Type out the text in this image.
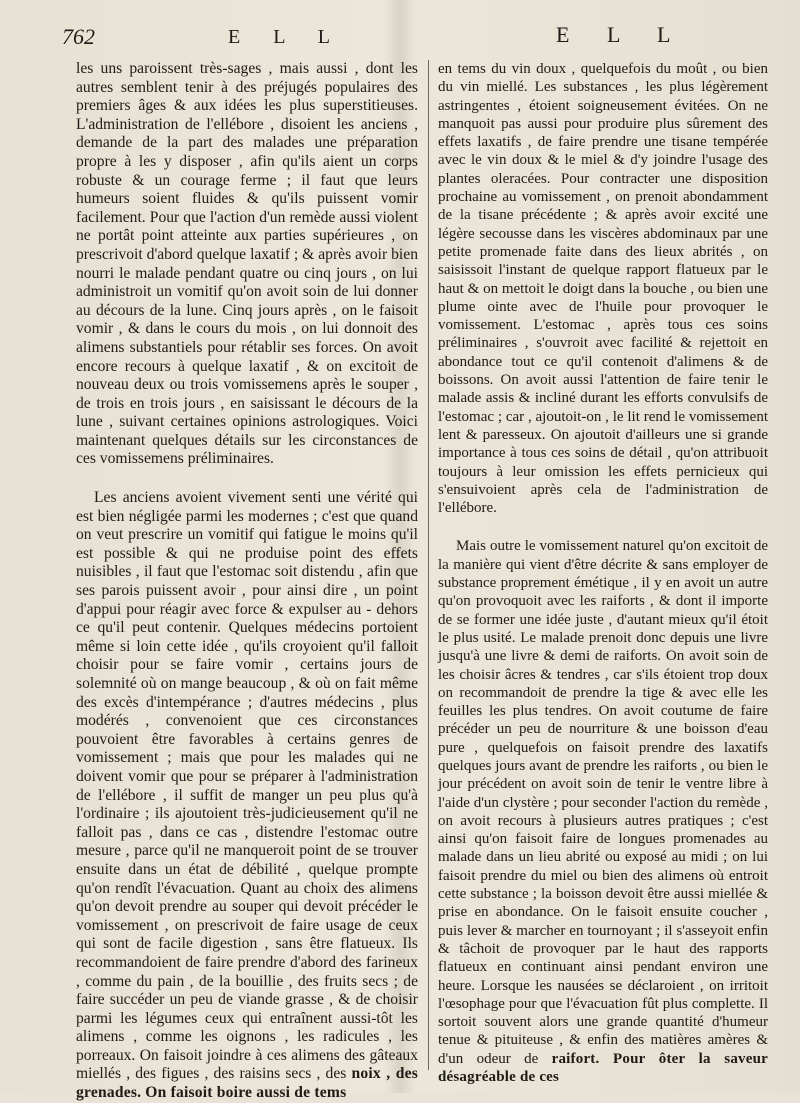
762	E L L	E L L

les uns paroissent très-sages , mais aussi , dont les autres semblent tenir à des préjugés populaires des premiers âges & aux idées les plus superstitieuses. L'administration de l'ellébore , disoient les anciens , demande de la part des malades une préparation propre à les y disposer , afin qu'ils aient un corps robuste & un courage ferme ; il faut que leurs humeurs soient fluides & qu'ils puissent vomir facilement. Pour que l'action d'un remède aussi violent ne portât point atteinte aux parties supérieures , on prescrivoit d'abord quelque laxatif ; & après avoir bien nourri le malade pendant quatre ou cinq jours , on lui administroit un vomitif qu'on avoit soin de lui donner au décours de la lune. Cinq jours après , on le faisoit vomir , & dans le cours du mois , on lui donnoit des alimens substantiels pour rétablir ses forces. On avoit encore recours à quelque laxatif , & on excitoit de nouveau deux ou trois vomissemens après le souper , de trois en trois jours , en saisissant le décours de la lune , suivant certaines opinions astrologiques. Voici maintenant quelques détails sur les circonstances de ces vomissemens préliminaires.

Les anciens avoient vivement senti une vérité qui est bien négligée parmi les modernes ; c'est que quand on veut prescrire un vomitif qui fatigue le moins qu'il est possible & qui ne produise point des effets nuisibles , il faut que l'estomac soit distendu , afin que ses parois puissent avoir , pour ainsi dire , un point d'appui pour réagir avec force & expulser au - dehors ce qu'il peut contenir. Quelques médecins portoient même si loin cette idée , qu'ils croyoient qu'il falloit choisir pour se faire vomir , certains jours de solemnité où on mange beaucoup , & où on fait même des excès d'intempérance ; d'autres médecins , plus modérés , convenoient que ces circonstances pouvoient être favorables à certains genres de vomissement ; mais que pour les malades qui ne doivent vomir que pour se préparer à l'administration de l'ellébore , il suffit de manger un peu plus qu'à l'ordinaire ; ils ajoutoient très-judicieusement qu'il ne falloit pas , dans ce cas , distendre l'estomac outre mesure , parce qu'il ne manqueroit point de se trouver ensuite dans un état de débilité , quelque prompte qu'on rendît l'évacuation. Quant au choix des alimens qu'on devoit prendre au souper qui devoit précéder le vomissement , on prescrivoit de faire usage de ceux qui sont de facile digestion , sans être flatueux. Ils recommandoient de faire prendre d'abord des farineux , comme du pain , de la bouillie , des fruits secs ; de faire succéder un peu de viande grasse , & de choisir parmi les légumes ceux qui entraînent aussi-tôt les alimens , comme les oignons , les radicules , les porreaux. On faisoit joindre à ces alimens des gâteaux miellés , des figues , des raisins secs , des noix , des grenades. On faisoit boire aussi de tems

en tems du vin doux , quelquefois du moût , ou bien du vin miellé. Les substances , les plus légèrement astringentes , étoient soigneusement évitées. On ne manquoit pas aussi pour produire plus sûrement des effets laxatifs , de faire prendre une tisane tempérée avec le vin doux & le miel & d'y joindre l'usage des plantes oleracées. Pour contracter une disposition prochaine au vomissement , on prenoit abondamment de la tisane précédente ; & après avoir excité une légère secousse dans les viscères abdominaux par une petite promenade faite dans des lieux abrités , on saisissoit l'instant de quelque rapport flatueux par le haut & on mettoit le doigt dans la bouche , ou bien une plume ointe avec de l'huile pour provoquer le vomissement. L'estomac , après tous ces soins préliminaires , s'ouvroit avec facilité & rejettoit en abondance tout ce qu'il contenoit d'alimens & de boissons. On avoit aussi l'attention de faire tenir le malade assis & incliné durant les efforts convulsifs de l'estomac ; car , ajoutoit-on , le lit rend le vomissement lent & paresseux. On ajoutoit d'ailleurs une si grande importance à tous ces soins de détail , qu'on attribuoit toujours à leur omission les effets pernicieux qui s'ensuivoient après cela de l'administration de l'ellébore.

Mais outre le vomissement naturel qu'on excitoit de la manière qui vient d'être décrite & sans employer de substance proprement émétique , il y en avoit un autre qu'on provoquoit avec les raiforts , & dont il importe de se former une idée juste , d'autant mieux qu'il étoit le plus usité. Le malade prenoit donc depuis une livre jusqu'à une livre & demi de raiforts. On avoit soin de les choisir âcres & tendres , car s'ils étoient trop doux on recommandoit de prendre la tige & avec elle les feuilles les plus tendres. On avoit coutume de faire précéder un peu de nourriture & une boisson d'eau pure , quelquefois on faisoit prendre des laxatifs quelques jours avant de prendre les raiforts , ou bien le jour précédent on avoit soin de tenir le ventre libre à l'aide d'un clystère ; pour seconder l'action du remède , on avoit recours à plusieurs autres pratiques ; c'est ainsi qu'on faisoit faire de longues promenades au malade dans un lieu abrité ou exposé au midi ; on lui faisoit prendre du miel ou bien des alimens où entroit cette substance ; la boisson devoit être aussi miellée & prise en abondance. On le faisoit ensuite coucher , puis lever & marcher en tournoyant ; il s'asseyoit enfin & tâchoit de provoquer par le haut des rapports flatueux en continuant ainsi pendant environ une heure. Lorsque les nausées se déclaroient , on irritoit l'œsophage pour que l'évacuation fût plus complette. Il sortoit souvent alors une grande quantité d'humeur tenue & pituiteuse , & enfin des matières amères & d'un odeur de raifort. Pour ôter la saveur désagréable de ces
